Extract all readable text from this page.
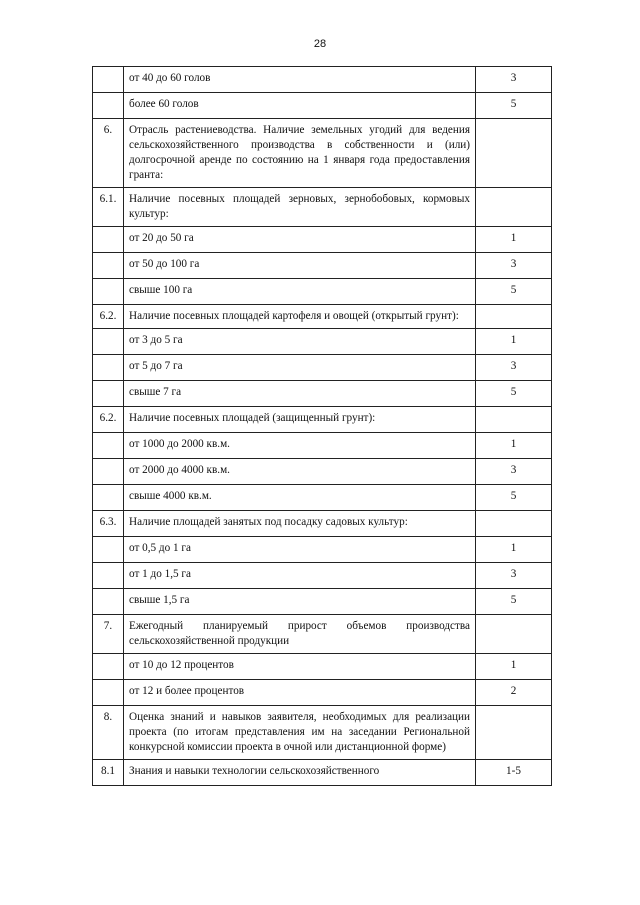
28
	от 40 до 60 голов	3
	более 60 голов	5
6.	Отрасль растениеводства. Наличие земельных угодий для ведения сельскохозяйственного производства в собственности и (или) долгосрочной аренде по состоянию на 1 января года предоставления гранта:	
6.1.	Наличие посевных площадей зерновых, зернобобовых, кормовых культур:	
	от 20 до 50 га	1
	от 50 до 100 га	3
	свыше 100 га	5
6.2.	Наличие посевных площадей картофеля и овощей (открытый грунт):	
	от 3 до 5 га	1
	от 5 до 7 га	3
	свыше 7 га	5
6.2.	Наличие посевных площадей (защищенный грунт):	
	от 1000 до 2000 кв.м.	1
	от 2000 до 4000 кв.м.	3
	свыше 4000 кв.м.	5
6.3.	Наличие площадей занятых под посадку садовых культур:	
	от 0,5 до 1 га	1
	от 1 до 1,5 га	3
	свыше 1,5 га	5
7.	Ежегодный планируемый прирост объемов производства сельскохозяйственной продукции	
	от 10 до 12 процентов	1
	от 12 и более процентов	2
8.	Оценка знаний и навыков заявителя, необходимых для реализации проекта (по итогам представления им на заседании Региональной конкурсной комиссии проекта в очной или дистанционной форме)	
8.1	Знания и навыки технологии сельскохозяйственного	1-5
